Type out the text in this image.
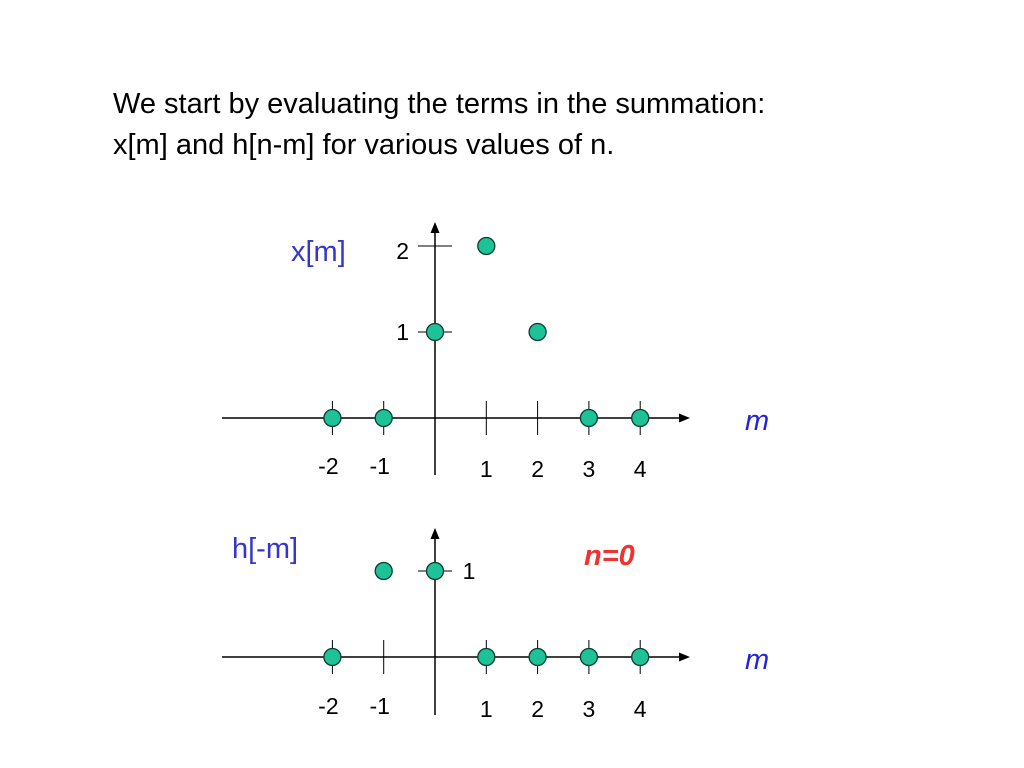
We start by evaluating the terms in the summation:
x[m] and h[n-m] for various values of n.
-2 -1	1 2 3 4
1
2
x[m]
m
-2 -1	1 2 3 4
1
h[-m]
m
n=0
